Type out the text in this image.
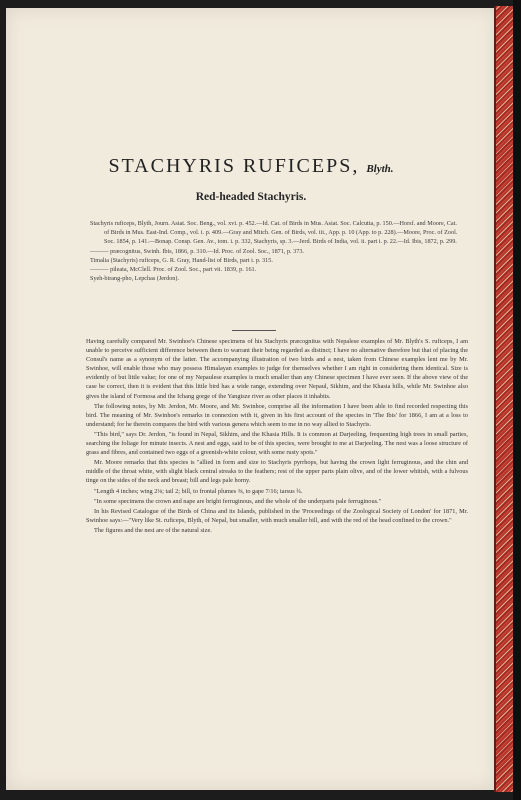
STACHYRIS RUFICEPS, Blyth.
Red-headed Stachyris.
Stachyris ruficeps, Blyth, Journ. Asiat. Soc. Beng., vol. xvi. p. 452.—Id. Cat. of Birds in Mus. Asiat. Soc. Calcutta, p. 150.—Horsf. and Moore, Cat. of Birds in Mus. East-Ind. Comp., vol. i. p. 409.—Gray and Mitch. Gen. of Birds, vol. iii., App. p. 10 (App. to p. 228).—Moore, Proc. of Zool. Soc. 1854, p. 141.—Bonap. Consp. Gen. Av., tom. i. p. 332, Stachyris, sp. 3.—Jerd. Birds of India, vol. ii. part i. p. 22.—Id. Ibis, 1872, p. 299.
——— præcognitus, Swinh. Ibis, 1866, p. 310.—Id. Proc. of Zool. Soc., 1871, p. 373.
Timalia (Stachyris) ruficeps, G. R. Gray, Hand-list of Birds, part i. p. 315.
——— pileata, McClell. Proc. of Zool. Soc., part vii. 1839, p. 161.
Syeh-birang-pho, Lepchas (Jerdon).

Having carefully compared Mr. Swinhoe's Chinese specimens of his Stachyris præcognitus with Nepalese examples of Mr. Blyth's S. ruficeps, I am unable to perceive sufficient difference between them to warrant their being regarded as distinct; I have no alternative therefore but that of placing the Consul's name as a synonym of the latter. The accompanying illustration of two birds and a nest, taken from Chinese examples lent me by Mr. Swinhoe, will enable those who may possess Himalayan examples to judge for themselves whether I am right in considering them identical. Size is evidently of but little value; for one of my Nepaulese examples is much smaller than any Chinese specimen I have ever seen. If the above view of the case be correct, then it is evident that this little bird has a wide range, extending over Nepaul, Sikhim, and the Khasia hills, while Mr. Swinhoe also gives the island of Formosa and the Ichang gorge of the Yangtsze river as other places it inhabits.

The following notes, by Mr. Jerdon, Mr. Moore, and Mr. Swinhoe, comprise all the information I have been able to find recorded respecting this bird. The meaning of Mr. Swinhoe's remarks in connexion with it, given in his first account of the species in 'The Ibis' for 1866, I am at a loss to understand; for he therein compares the bird with various genera which seem to me in no way allied to Stachyris.

"This bird," says Dr. Jerdon, "is found in Nepal, Sikhim, and the Khasia Hills. It is common at Darjeeling, frequenting high trees in small parties, searching the foliage for minute insects. A nest and eggs, said to be of this species, were brought to me at Darjeeling. The nest was a loose structure of grass and fibres, and contained two eggs of a greenish-white colour, with some rusty spots."

Mr. Moore remarks that this species is "allied in form and size to Stachyris pyrrhops, but having the crown light ferruginous, and the chin and middle of the throat white, with slight black central streaks to the feathers; rest of the upper parts plain olive, and of the lower whitish, with a fulvous tinge on the sides of the neck and breast; bill and legs pale horny.

"Length 4 inches; wing 2⅛; tail 2; bill, to frontal plumes ⅜, to gape 7/16; tarsus ¾.

"In some specimens the crown and nape are bright ferruginous, and the whole of the underparts pale ferruginous."

In his Revised Catalogue of the Birds of China and its Islands, published in the 'Proceedings of the Zoological Society of London' for 1871, Mr. Swinhoe says:—"Very like St. ruficeps, Blyth, of Nepal, but smaller, with much smaller bill, and with the red of the head confined to the crown."

The figures and the nest are of the natural size.
